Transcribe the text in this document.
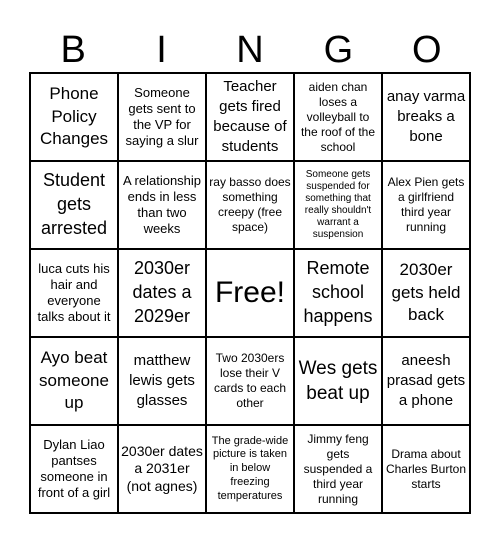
B	I	N	G	O
Phone Policy Changes
Someone gets sent to the VP for saying a slur
Teacher gets fired because of students
aiden chan loses a volleyball to the roof of the school
anay varma breaks a bone
Student gets arrested
A relationship ends in less than two weeks
ray basso does something creepy (free space)
Someone gets suspended for something that really shouldn't warrant a suspension
Alex Pien gets a girlfriend third year running
luca cuts his hair and everyone talks about it
2030er dates a 2029er
Free!
Remote school happens
2030er gets held back
Ayo beat someone up
matthew lewis gets glasses
Two 2030ers lose their V cards to each other
Wes gets beat up
aneesh prasad gets a phone
Dylan Liao pantses someone in front of a girl
2030er dates a 2031er (not agnes)
The grade-wide picture is taken in below freezing temperatures
Jimmy feng gets suspended a third year running
Drama about Charles Burton starts
